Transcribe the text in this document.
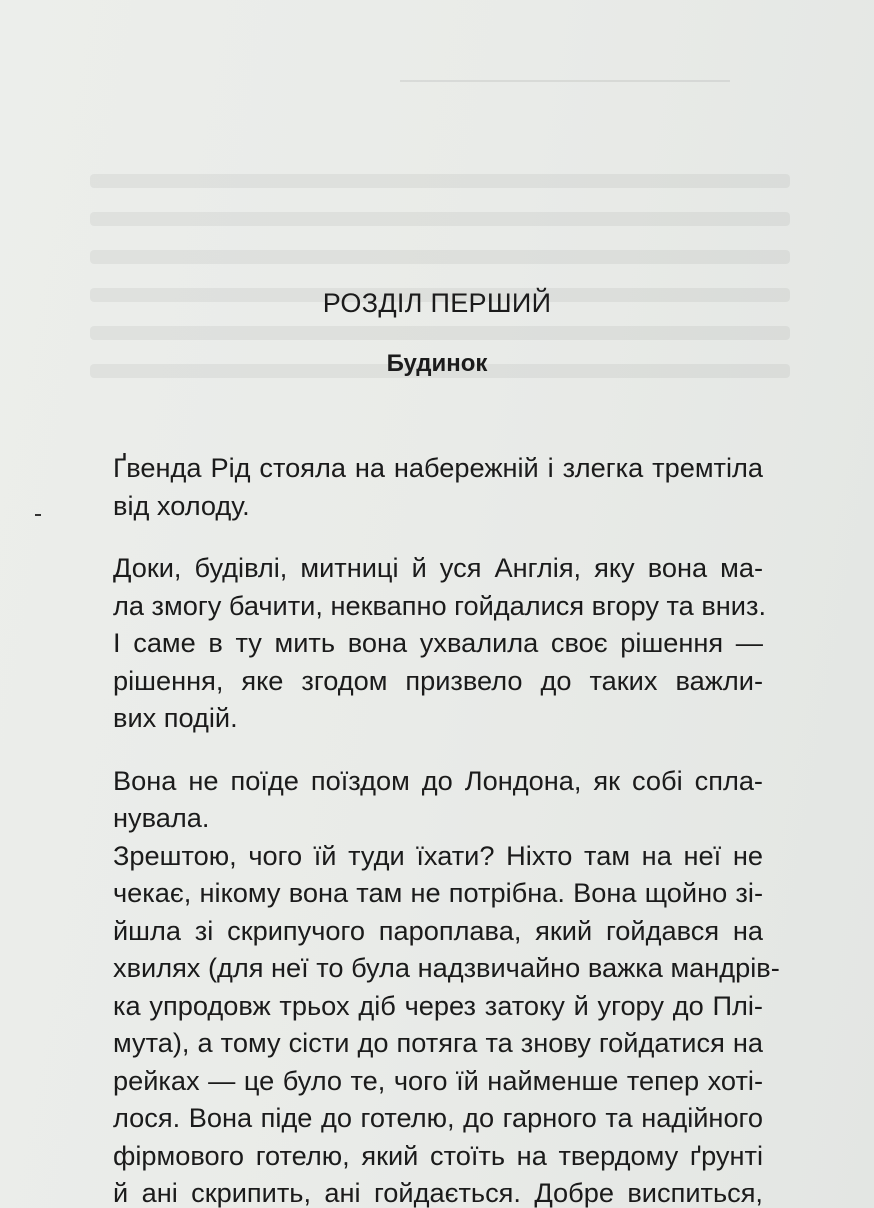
РОЗДІЛ ПЕРШИЙ
Будинок
Ґвенда Рід стояла на набережній і злегка тремтіла
від холоду.
Доки, будівлі, митниці й уся Англія, яку вона ма-
ла змогу бачити, неквапно гойдалися вгору та вниз.
І саме в ту мить вона ухвалила своє рішення —
рішення, яке згодом призвело до таких важли-
вих подій.
Вона не поїде поїздом до Лондона, як собі спла-
нувала.
Зрештою, чого їй туди їхати? Ніхто там на неї не
чекає, нікому вона там не потрібна. Вона щойно зі-
йшла зі скрипучого пароплава, який гойдався на
хвилях (для неї то була надзвичайно важка мандрів-
ка упродовж трьох діб через затоку й угору до Плі-
мута), а тому сісти до потяга та знову гойдатися на
рейках — це було те, чого їй найменше тепер хоті-
лося. Вона піде до готелю, до гарного та надійного
фірмового готелю, який стоїть на твердому ґрунті
й ані скрипить, ані гойдається. Добре виспиться,
